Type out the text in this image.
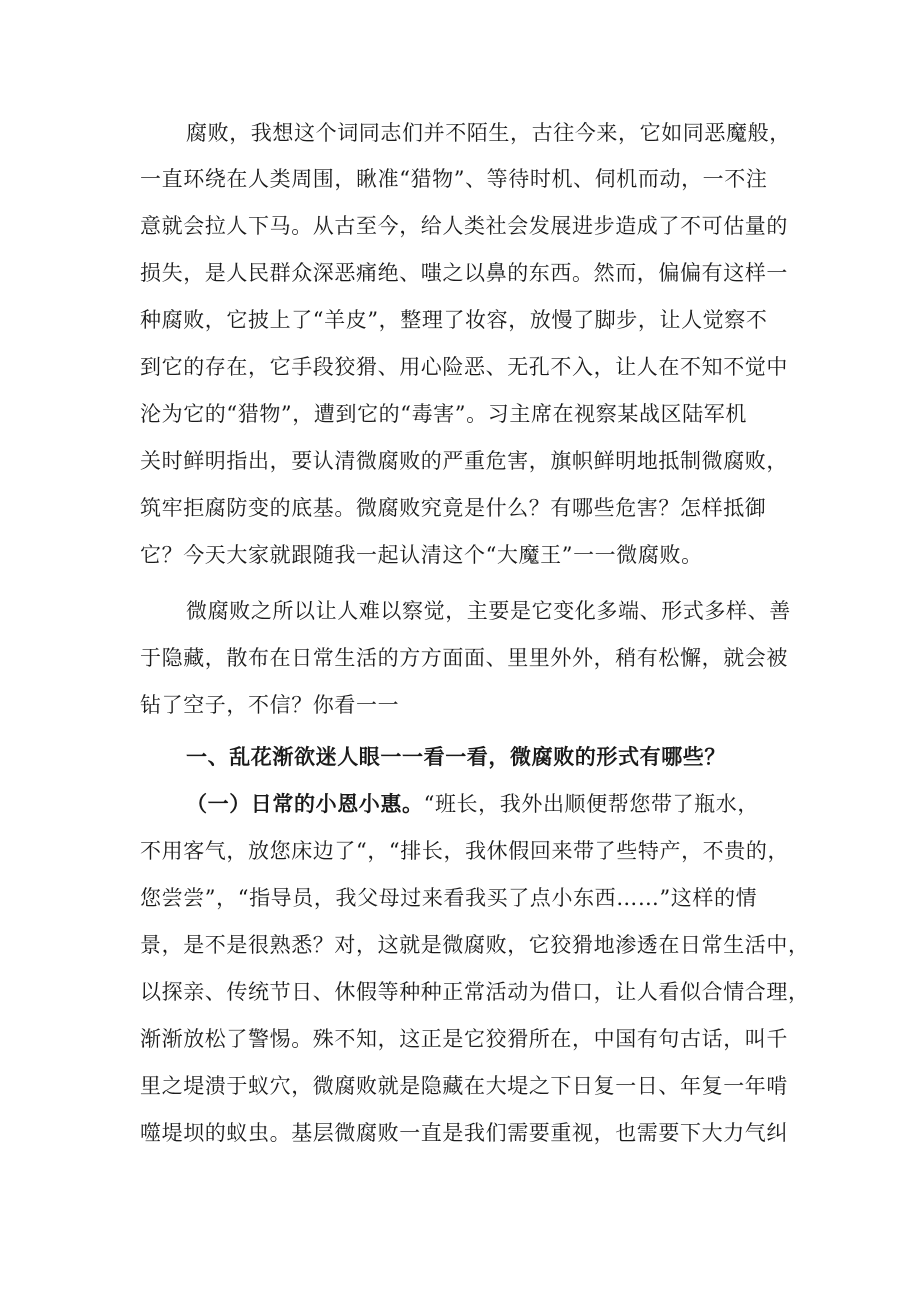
腐败，我想这个词同志们并不陌生，古往今来，它如同恶魔般，
一直环绕在人类周围，瞅准“猎物”、等待时机、伺机而动，一不注
意就会拉人下马。从古至今，给人类社会发展进步造成了不可估量的
损失，是人民群众深恶痛绝、嗤之以鼻的东西。然而，偏偏有这样一
种腐败，它披上了“羊皮”，整理了妆容，放慢了脚步，让人觉察不
到它的存在，它手段狡猾、用心险恶、无孔不入，让人在不知不觉中
沦为它的“猎物”，遭到它的“毒害”。习主席在视察某战区陆军机
关时鲜明指出，要认清微腐败的严重危害，旗帜鲜明地抵制微腐败，
筑牢拒腐防变的底基。微腐败究竟是什么？有哪些危害？怎样抵御
它？今天大家就跟随我一起认清这个“大魔王”一一微腐败。
微腐败之所以让人难以察觉，主要是它变化多端、形式多样、善
于隐藏，散布在日常生活的方方面面、里里外外，稍有松懈，就会被
钻了空子，不信？你看一一
一、乱花渐欲迷人眼一一看一看，微腐败的形式有哪些？
（一）日常的小恩小惠。“班长，我外出顺便帮您带了瓶水，
不用客气，放您床边了“，“排长，我休假回来带了些特产，不贵的，
您尝尝”，“指导员，我父母过来看我买了点小东西……”这样的情
景，是不是很熟悉？对，这就是微腐败，它狡猾地渗透在日常生活中，
以探亲、传统节日、休假等种种正常活动为借口，让人看似合情合理，
渐渐放松了警惕。殊不知，这正是它狡猾所在，中国有句古话，叫千
里之堤溃于蚁穴，微腐败就是隐藏在大堤之下日复一日、年复一年啃
噬堤坝的蚁虫。基层微腐败一直是我们需要重视，也需要下大力气纠
